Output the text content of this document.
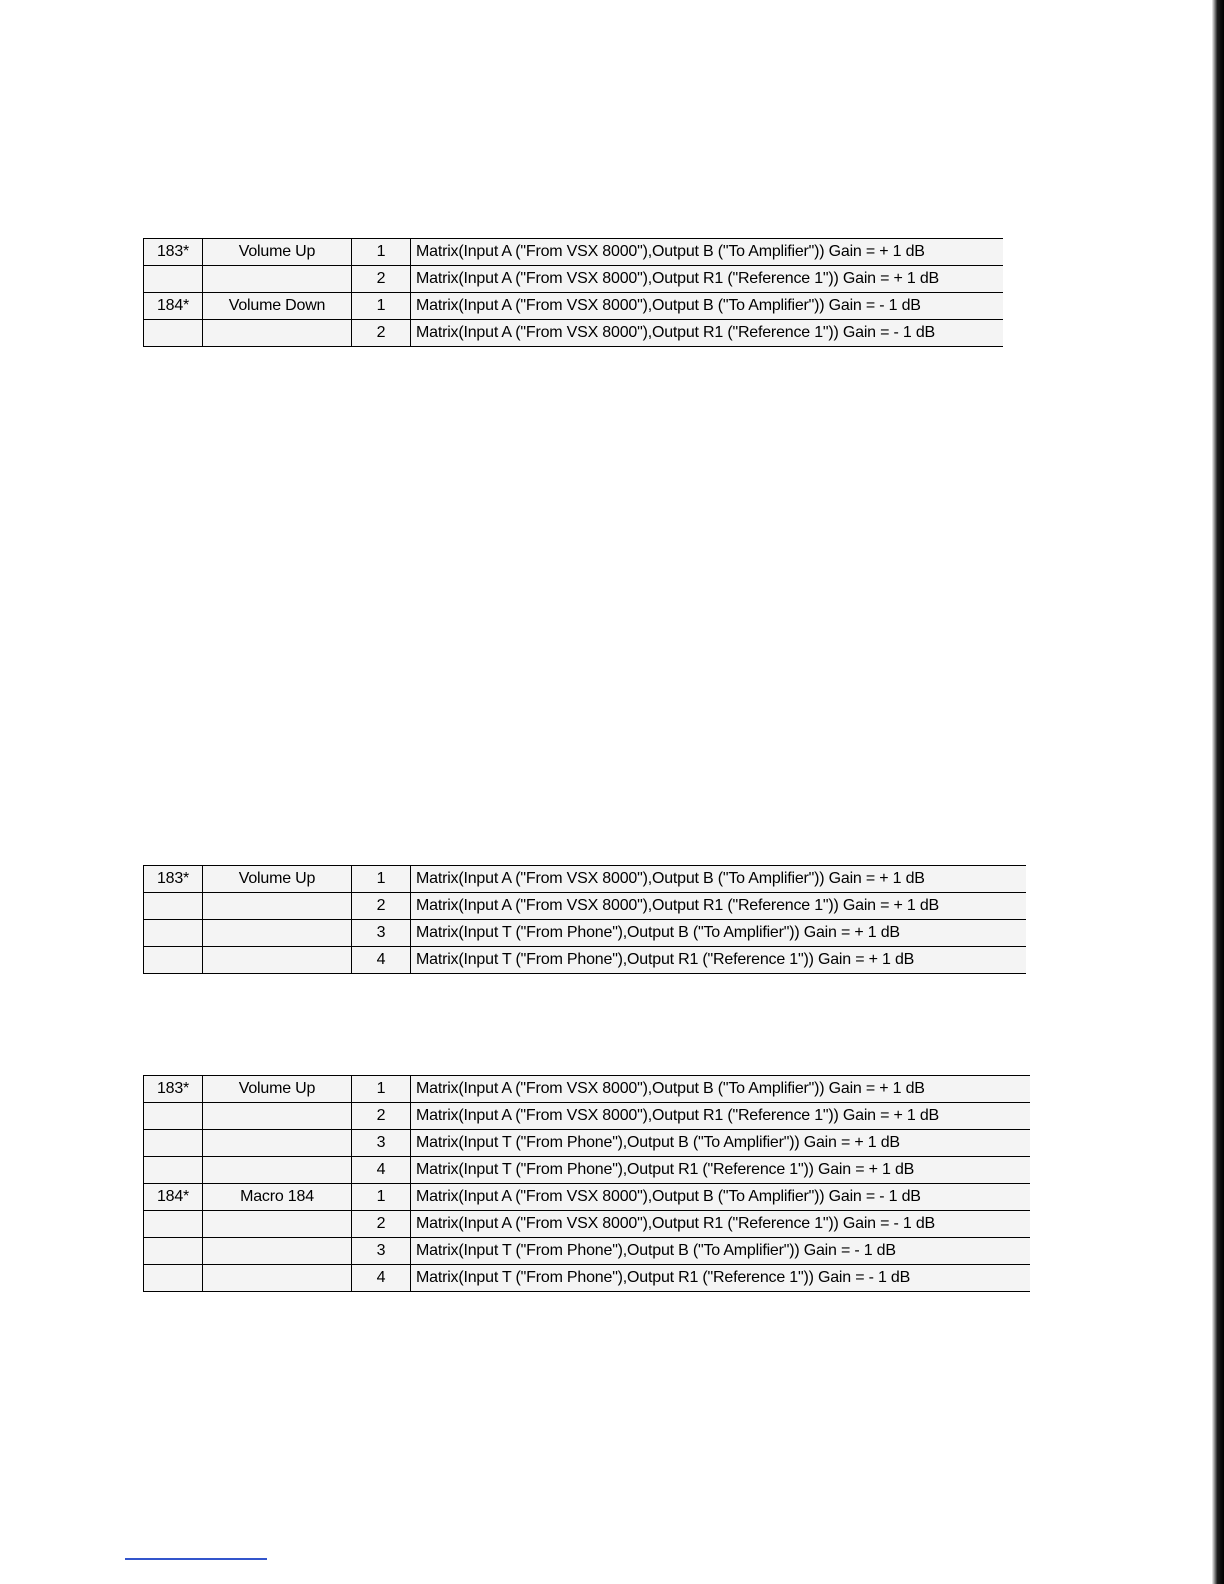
183*	Volume Up	1	Matrix(Input A ("From VSX 8000"),Output B ("To Amplifier")) Gain = + 1 dB
		2	Matrix(Input A ("From VSX 8000"),Output R1 ("Reference 1")) Gain = + 1 dB
184*	Volume Down	1	Matrix(Input A ("From VSX 8000"),Output B ("To Amplifier")) Gain = - 1 dB
		2	Matrix(Input A ("From VSX 8000"),Output R1 ("Reference 1")) Gain = - 1 dB
183*	Volume Up	1	Matrix(Input A ("From VSX 8000"),Output B ("To Amplifier")) Gain = + 1 dB
		2	Matrix(Input A ("From VSX 8000"),Output R1 ("Reference 1")) Gain = + 1 dB
		3	Matrix(Input T ("From Phone"),Output B ("To Amplifier")) Gain = + 1 dB
		4	Matrix(Input T ("From Phone"),Output R1 ("Reference 1")) Gain = + 1 dB
183*	Volume Up	1	Matrix(Input A ("From VSX 8000"),Output B ("To Amplifier")) Gain = + 1 dB
		2	Matrix(Input A ("From VSX 8000"),Output R1 ("Reference 1")) Gain = + 1 dB
		3	Matrix(Input T ("From Phone"),Output B ("To Amplifier")) Gain = + 1 dB
		4	Matrix(Input T ("From Phone"),Output R1 ("Reference 1")) Gain = + 1 dB
184*	Macro 184	1	Matrix(Input A ("From VSX 8000"),Output B ("To Amplifier")) Gain = - 1 dB
		2	Matrix(Input A ("From VSX 8000"),Output R1 ("Reference 1")) Gain = - 1 dB
		3	Matrix(Input T ("From Phone"),Output B ("To Amplifier")) Gain = - 1 dB
		4	Matrix(Input T ("From Phone"),Output R1 ("Reference 1")) Gain = - 1 dB
